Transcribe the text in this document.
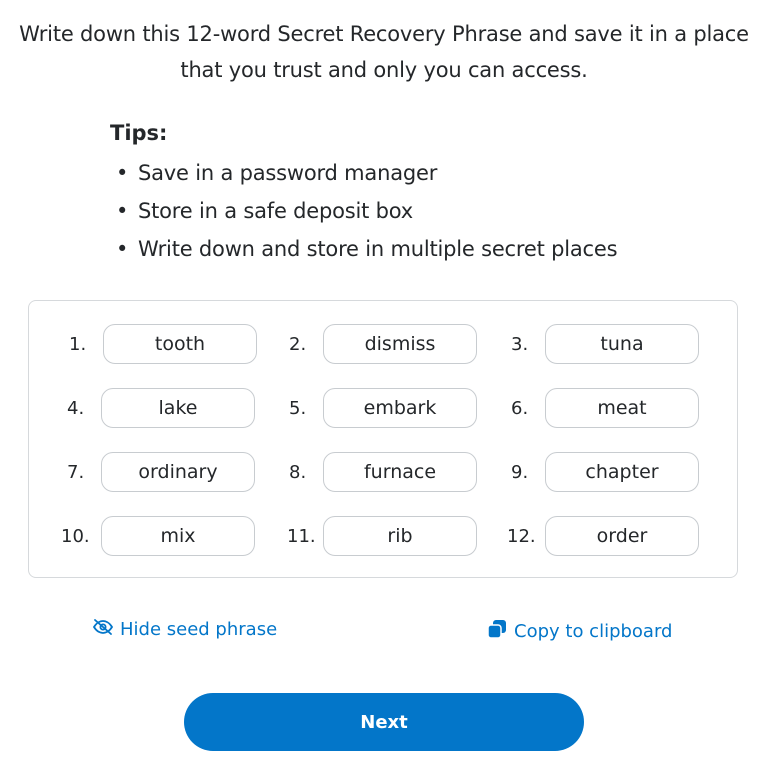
Write down this 12-word Secret Recovery Phrase and save it in a place that you trust and only you can access.
Tips:
• Save in a password manager
• Store in a safe deposit box
• Write down and store in multiple secret places
1.	tooth	2.	dismiss	3.	tuna
4.	lake	5.	embark	6.	meat
7.	ordinary	8.	furnace	9.	chapter
10.	mix	11.	rib	12.	order
Hide seed phrase	Copy to clipboard
Next
